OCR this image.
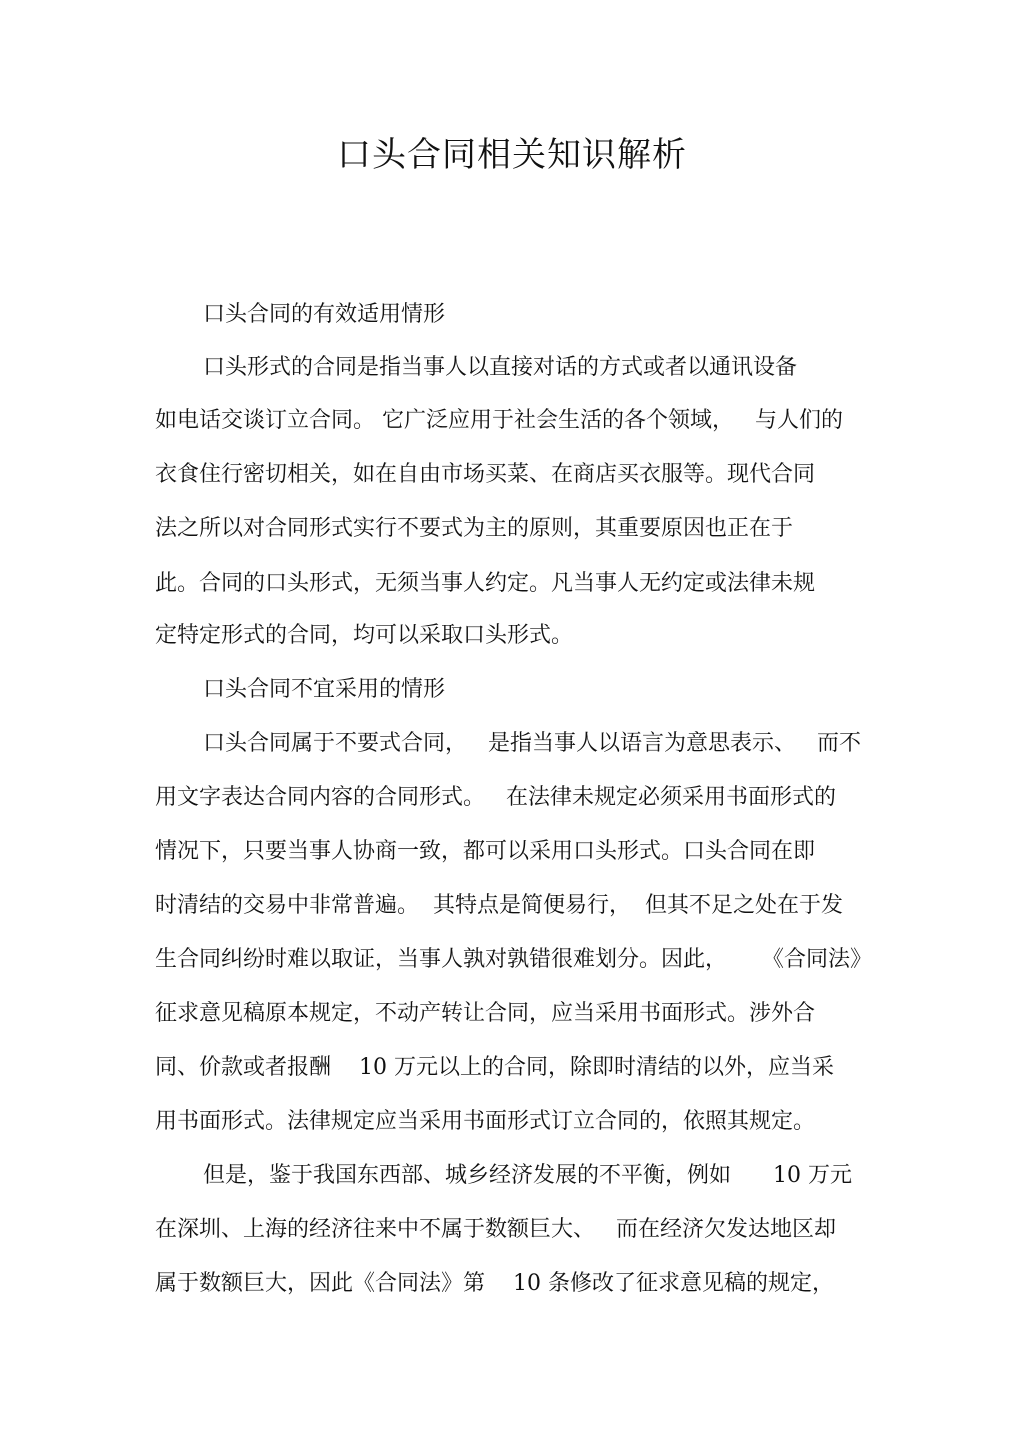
口头合同相关知识解析
口头合同的有效适用情形
口头形式的合同是指当事人以直接对话的方式或者以通讯设备
如电话交谈订立合同。 它广泛应用于社会生活的各个领域，   与人们的
衣食住行密切相关，如在自由市场买菜、在商店买衣服等。现代合同
法之所以对合同形式实行不要式为主的原则，其重要原因也正在于
此。合同的口头形式，无须当事人约定。凡当事人无约定或法律未规
定特定形式的合同，均可以采取口头形式。
口头合同不宜采用的情形
口头合同属于不要式合同，   是指当事人以语言为意思表示、   而不
用文字表达合同内容的合同形式。   在法律未规定必须采用书面形式的
情况下，只要当事人协商一致，都可以采用口头形式。口头合同在即
时清结的交易中非常普遍。  其特点是简便易行，  但其不足之处在于发
生合同纠纷时难以取证，当事人孰对孰错很难划分。因此，     《合同法》
征求意见稿原本规定，不动产转让合同，应当采用书面形式。涉外合
同、价款或者报酬    10 万元以上的合同，除即时清结的以外，应当采
用书面形式。法律规定应当采用书面形式订立合同的，依照其规定。
但是，鉴于我国东西部、城乡经济发展的不平衡，例如      10 万元
在深圳、上海的经济往来中不属于数额巨大、   而在经济欠发达地区却
属于数额巨大，因此《合同法》第    10 条修改了征求意见稿的规定，
